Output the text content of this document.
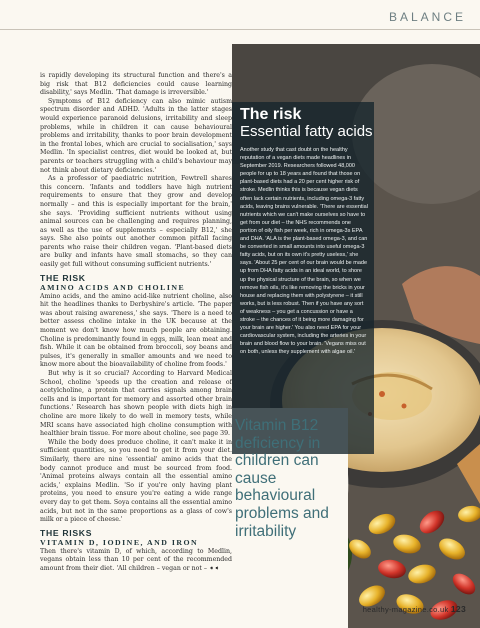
BALANCE

is rapidly developing its structural function and there's a big risk that B12 deficiencies could cause learning disability,' says Medlin. 'That damage is irreversible.'

Symptoms of B12 deficiency can also mimic autism spectrum disorder and ADHD. 'Adults in the latter stages would experience paranoid delusions, irritability and sleep problems, while in children it can cause behavioural problems and irritability, thanks to poor brain development in the frontal lobes, which are crucial to socialisation,' says Medlin. 'In specialist centres, diet would be looked at, but parents or teachers struggling with a child's behaviour may not think about dietary deficiencies.'

As a professor of paediatric nutrition, Fewtrell shares this concern. 'Infants and toddlers have high nutrient requirements to ensure that they grow and develop normally – and this is especially important for the brain,' she says. 'Providing sufficient nutrients without using animal sources can be challenging and requires planning, as well as the use of supplements – especially B12,' she says. She also points out another common pitfall facing parents who raise their children vegan. 'Plant-based diets are bulky and infants have small stomachs, so they can easily get full without consuming sufficient nutrients.'

THE RISK
AMINO ACIDS AND CHOLINE

Amino acids, and the amino acid-like nutrient choline, also hit the headlines thanks to Derbyshire's article. 'The paper was about raising awareness,' she says. 'There is a need to better assess choline intake in the UK because at the moment we don't know how much people are obtaining. Choline is predominantly found in eggs, milk, lean meat and fish. While it can be obtained from broccoli, soy beans and pulses, it's generally in smaller amounts and we need to know more about the bioavailability of choline from foods.'

But why is it so crucial? According to Harvard Medical School, choline 'speeds up the creation and release of acetylcholine, a protein that carries signals among brain cells and is important for memory and assorted other brain functions.' Research has shown people with diets high in choline are more likely to do well in memory tests, while MRI scans have associated high choline consumption with healthier brain tissue. For more about choline, see page 39.

While the body does produce choline, it can't make it in sufficient quantities, so you need to get it from your diet. Similarly, there are nine 'essential' amino acids that the body cannot produce and must be sourced from food. 'Animal proteins always contain all the essential amino acids,' explains Medlin. 'So if you're only having plant proteins, you need to ensure you're eating a wide range every day to get them. Soya contains all the essential amino acids, but not in the same proportions as a glass of cow's milk or a piece of cheese.'

THE RISKS
VITAMIN D, IODINE, AND IRON

Then there's vitamin D, of which, according to Medlin, vegans obtain less than 10 per cent of the recommended amount from their diet. 'All children – vegan or not – ➧➧

The risk
Essential fatty acids

Another study that cast doubt on the healthy reputation of a vegan diets made headlines in September 2019. Researchers followed 48,000 people for up to 18 years and found that those on plant-based diets had a 20 per cent higher risk of stroke. Medlin thinks this is because vegan diets often lack certain nutrients, including omega-3 fatty acids, leaving brains vulnerable. 'There are essential nutrients which we can't make ourselves so have to get from our diet – the NHS recommends one portion of oily fish per week, rich in omega-3s EPA and DHA. 'ALA is the plant-based omega-3, and can be converted in small amounts into useful omega-3 fatty acids, but on its own it's pretty useless,' she says. 'About 25 per cent of our brain would be made up from DHA fatty acids in an ideal world, to shore up the physical structure of the brain, so when we remove fish oils, it's like removing the bricks in your house and replacing them with polystyrene – it still works, but is less robust. Then if you have any sort of weakness – you get a concussion or have a stroke – the chances of it being more damaging for your brain are higher.' You also need EPA for your cardiovascular system, including the arteries in your brain and blood flow to your brain. 'Vegans miss out on both, unless they supplement with algae oil.'

Vitamin B12 deficiency in children can cause behavioural problems and irritability
healthy-magazine.co.uk 123
